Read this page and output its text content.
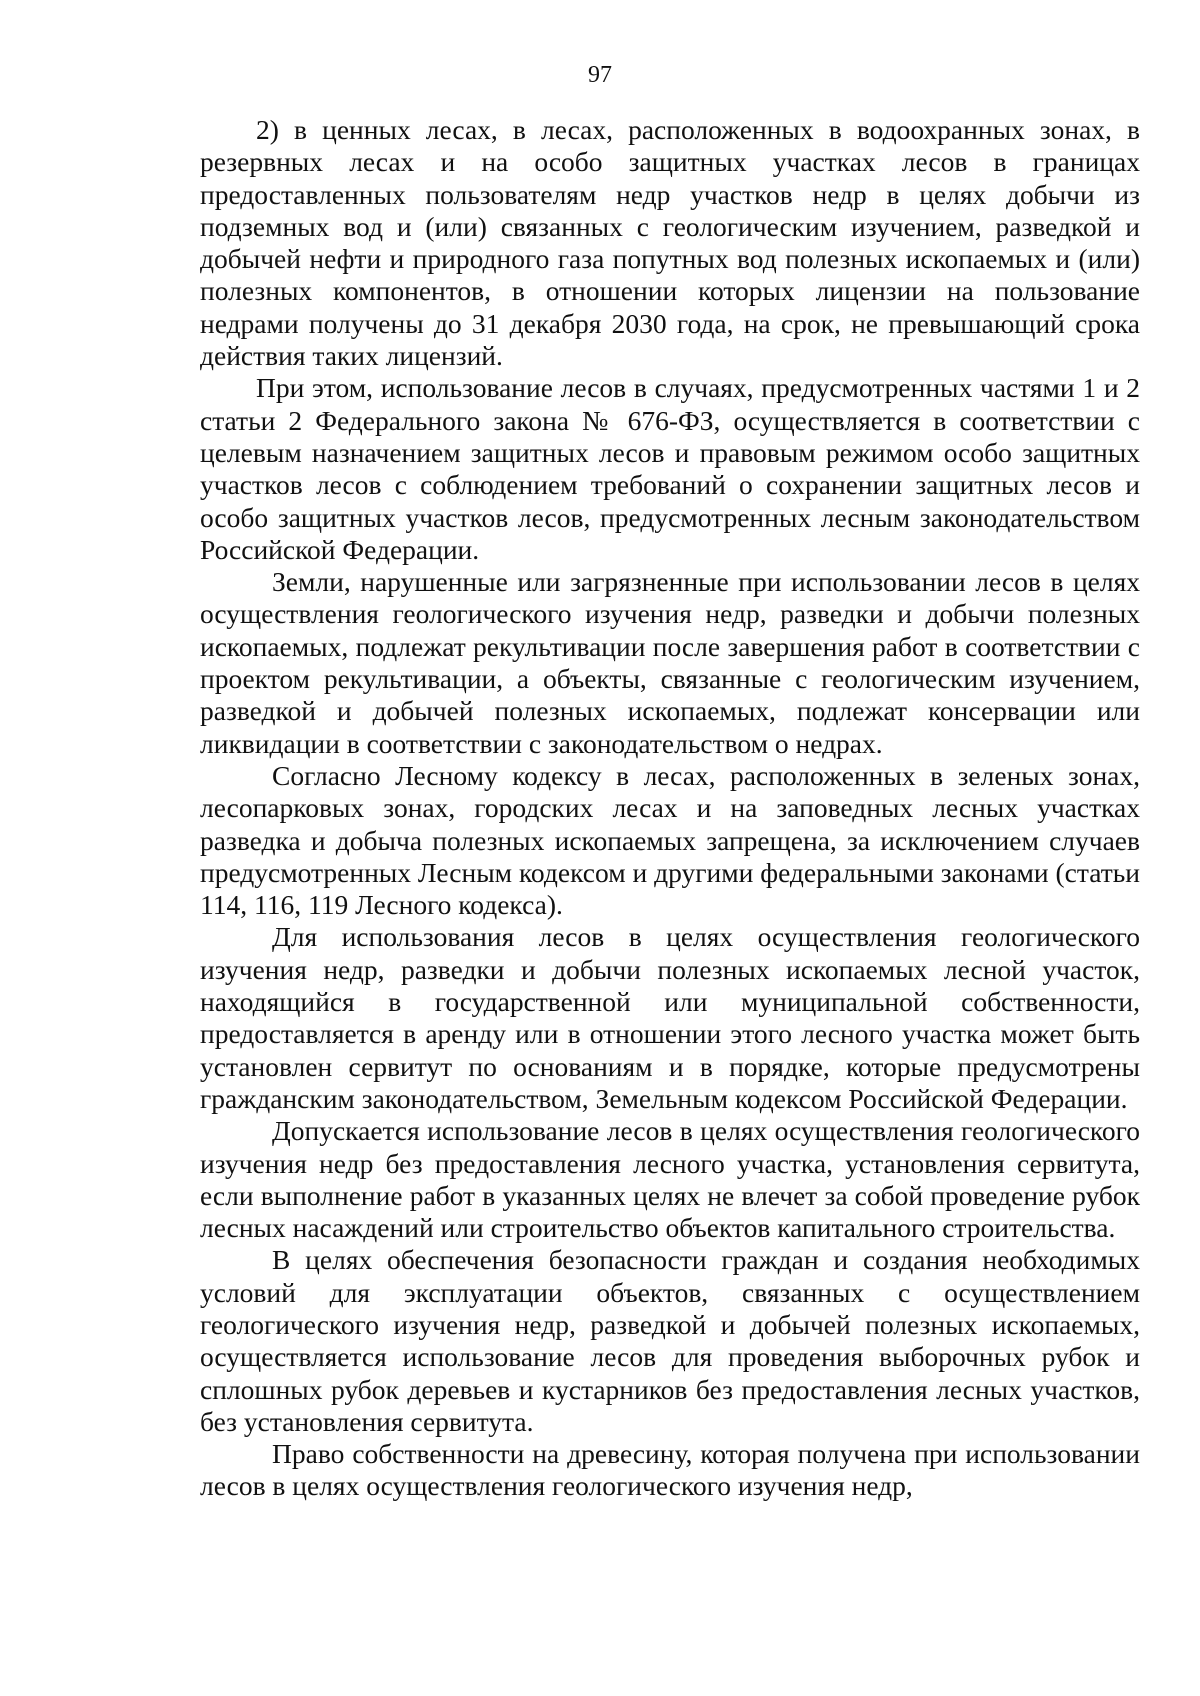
97

2) в ценных лесах, в лесах, расположенных в водоохранных зонах, в резервных лесах и на особо защитных участках лесов в границах предоставленных пользователям недр участков недр в целях добычи из подземных вод и (или) связанных с геологическим изучением, разведкой и добычей нефти и природного газа попутных вод полезных ископаемых и (или) полезных компонентов, в отношении которых лицензии на пользование недрами получены до 31 декабря 2030 года, на срок, не превышающий срока действия таких лицензий.

При этом, использование лесов в случаях, предусмотренных частями 1 и 2 статьи 2 Федерального закона № 676-ФЗ, осуществляется в соответствии с целевым назначением защитных лесов и правовым режимом особо защитных участков лесов с соблюдением требований о сохранении защитных лесов и особо защитных участков лесов, предусмотренных лесным законодательством Российской Федерации.

Земли, нарушенные или загрязненные при использовании лесов в целях осуществления геологического изучения недр, разведки и добычи полезных ископаемых, подлежат рекультивации после завершения работ в соответствии с проектом рекультивации, а объекты, связанные с геологическим изучением, разведкой и добычей полезных ископаемых, подлежат консервации или ликвидации в соответствии с законодательством о недрах.

Согласно Лесному кодексу в лесах, расположенных в зеленых зонах, лесопарковых зонах, городских лесах и на заповедных лесных участках разведка и добыча полезных ископаемых запрещена, за исключением случаев предусмотренных Лесным кодексом и другими федеральными законами (статьи 114, 116, 119 Лесного кодекса).

Для использования лесов в целях осуществления геологического изучения недр, разведки и добычи полезных ископаемых лесной участок, находящийся в государственной или муниципальной собственности, предоставляется в аренду или в отношении этого лесного участка может быть установлен сервитут по основаниям и в порядке, которые предусмотрены гражданским законодательством, Земельным кодексом Российской Федерации.

Допускается использование лесов в целях осуществления геологического изучения недр без предоставления лесного участка, установления сервитута, если выполнение работ в указанных целях не влечет за собой проведение рубок лесных насаждений или строительство объектов капитального строительства.

В целях обеспечения безопасности граждан и создания необходимых условий для эксплуатации объектов, связанных с осуществлением геологического изучения недр, разведкой и добычей полезных ископаемых, осуществляется использование лесов для проведения выборочных рубок и сплошных рубок деревьев и кустарников без предоставления лесных участков, без установления сервитута.

Право собственности на древесину, которая получена при использовании лесов в целях осуществления геологического изучения недр,
